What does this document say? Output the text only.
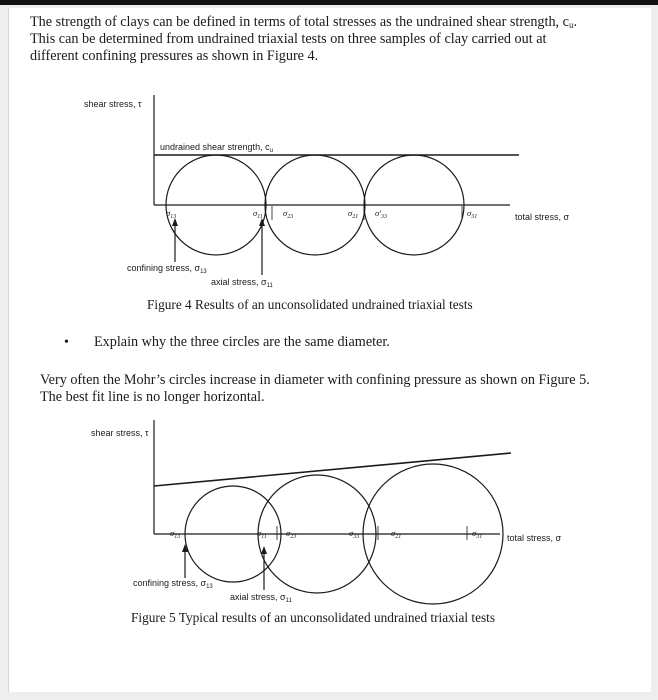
The strength of clays can be defined in terms of total stresses as the undrained shear strength, cu.

This can be determined from undrained triaxial tests on three samples of clay carried out at

different confining pressures as shown in Figure 4.

shear stress, τ
undrained shear strength, $c_u$
total stress, σ
confining stress, $\sigma_{13}$
axial stress, $\sigma_{11}$
$\sigma_{13}$	$\sigma_{11}$ $\sigma_{23}$	$\sigma_{21}$ $\sigma'_{33}$	$\sigma_{31}$
Figure 4 Results of an unconsolidated undrained triaxial tests
• Explain why the three circles are the same diameter.

Very often the Mohr’s circles increase in diameter with confining pressure as shown on Figure 5.

The best fit line is no longer horizontal.

shear stress, τ
total stress, σ
confining stress, $\sigma_{13}$
axial stress, $\sigma_{11}$
$\sigma_{13}$	$\sigma_{11}$ $\sigma_{23}$	$\sigma_{33}$	$\sigma_{21}$	$\sigma_{31}$
Figure 5 Typical results of an unconsolidated undrained triaxial tests
